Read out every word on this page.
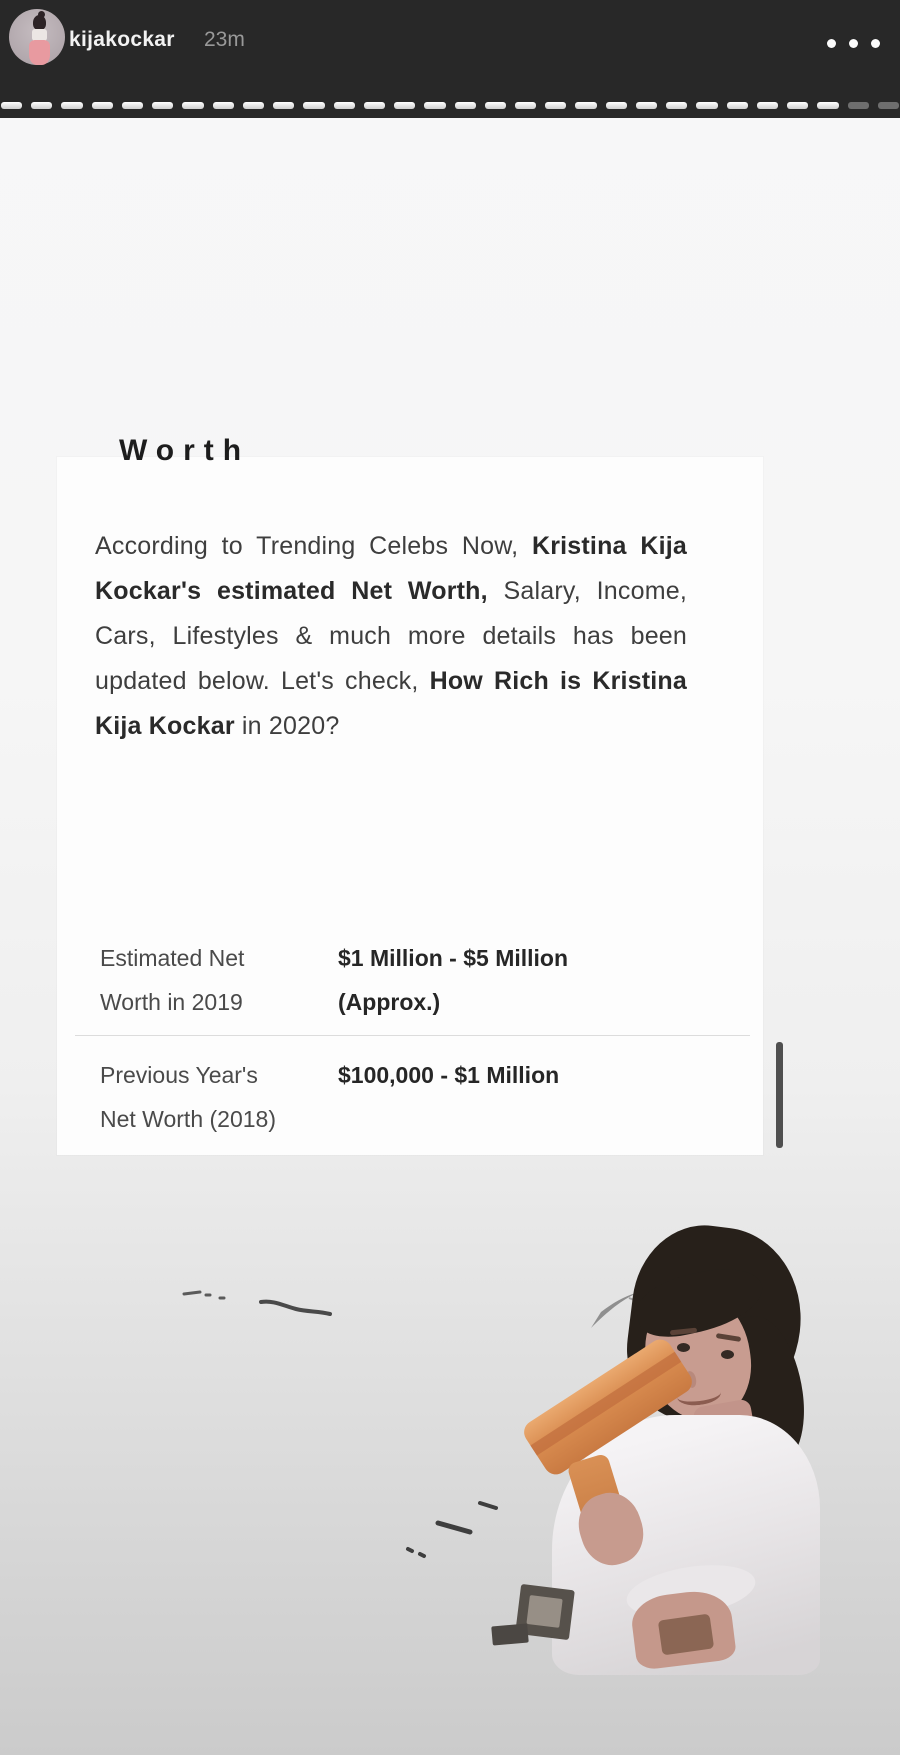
kijakockar 23m
Worth

According to Trending Celebs Now, Kristina Kija Kockar's estimated Net Worth, Salary, Income, Cars, Lifestyles & much more details has been updated below. Let's check, How Rich is Kristina Kija Kockar in 2020?

Estimated Net Worth in 2019
$1 Million - $5 Million (Approx.)
Previous Year's Net Worth (2018)
$100,000 - $1 Million
